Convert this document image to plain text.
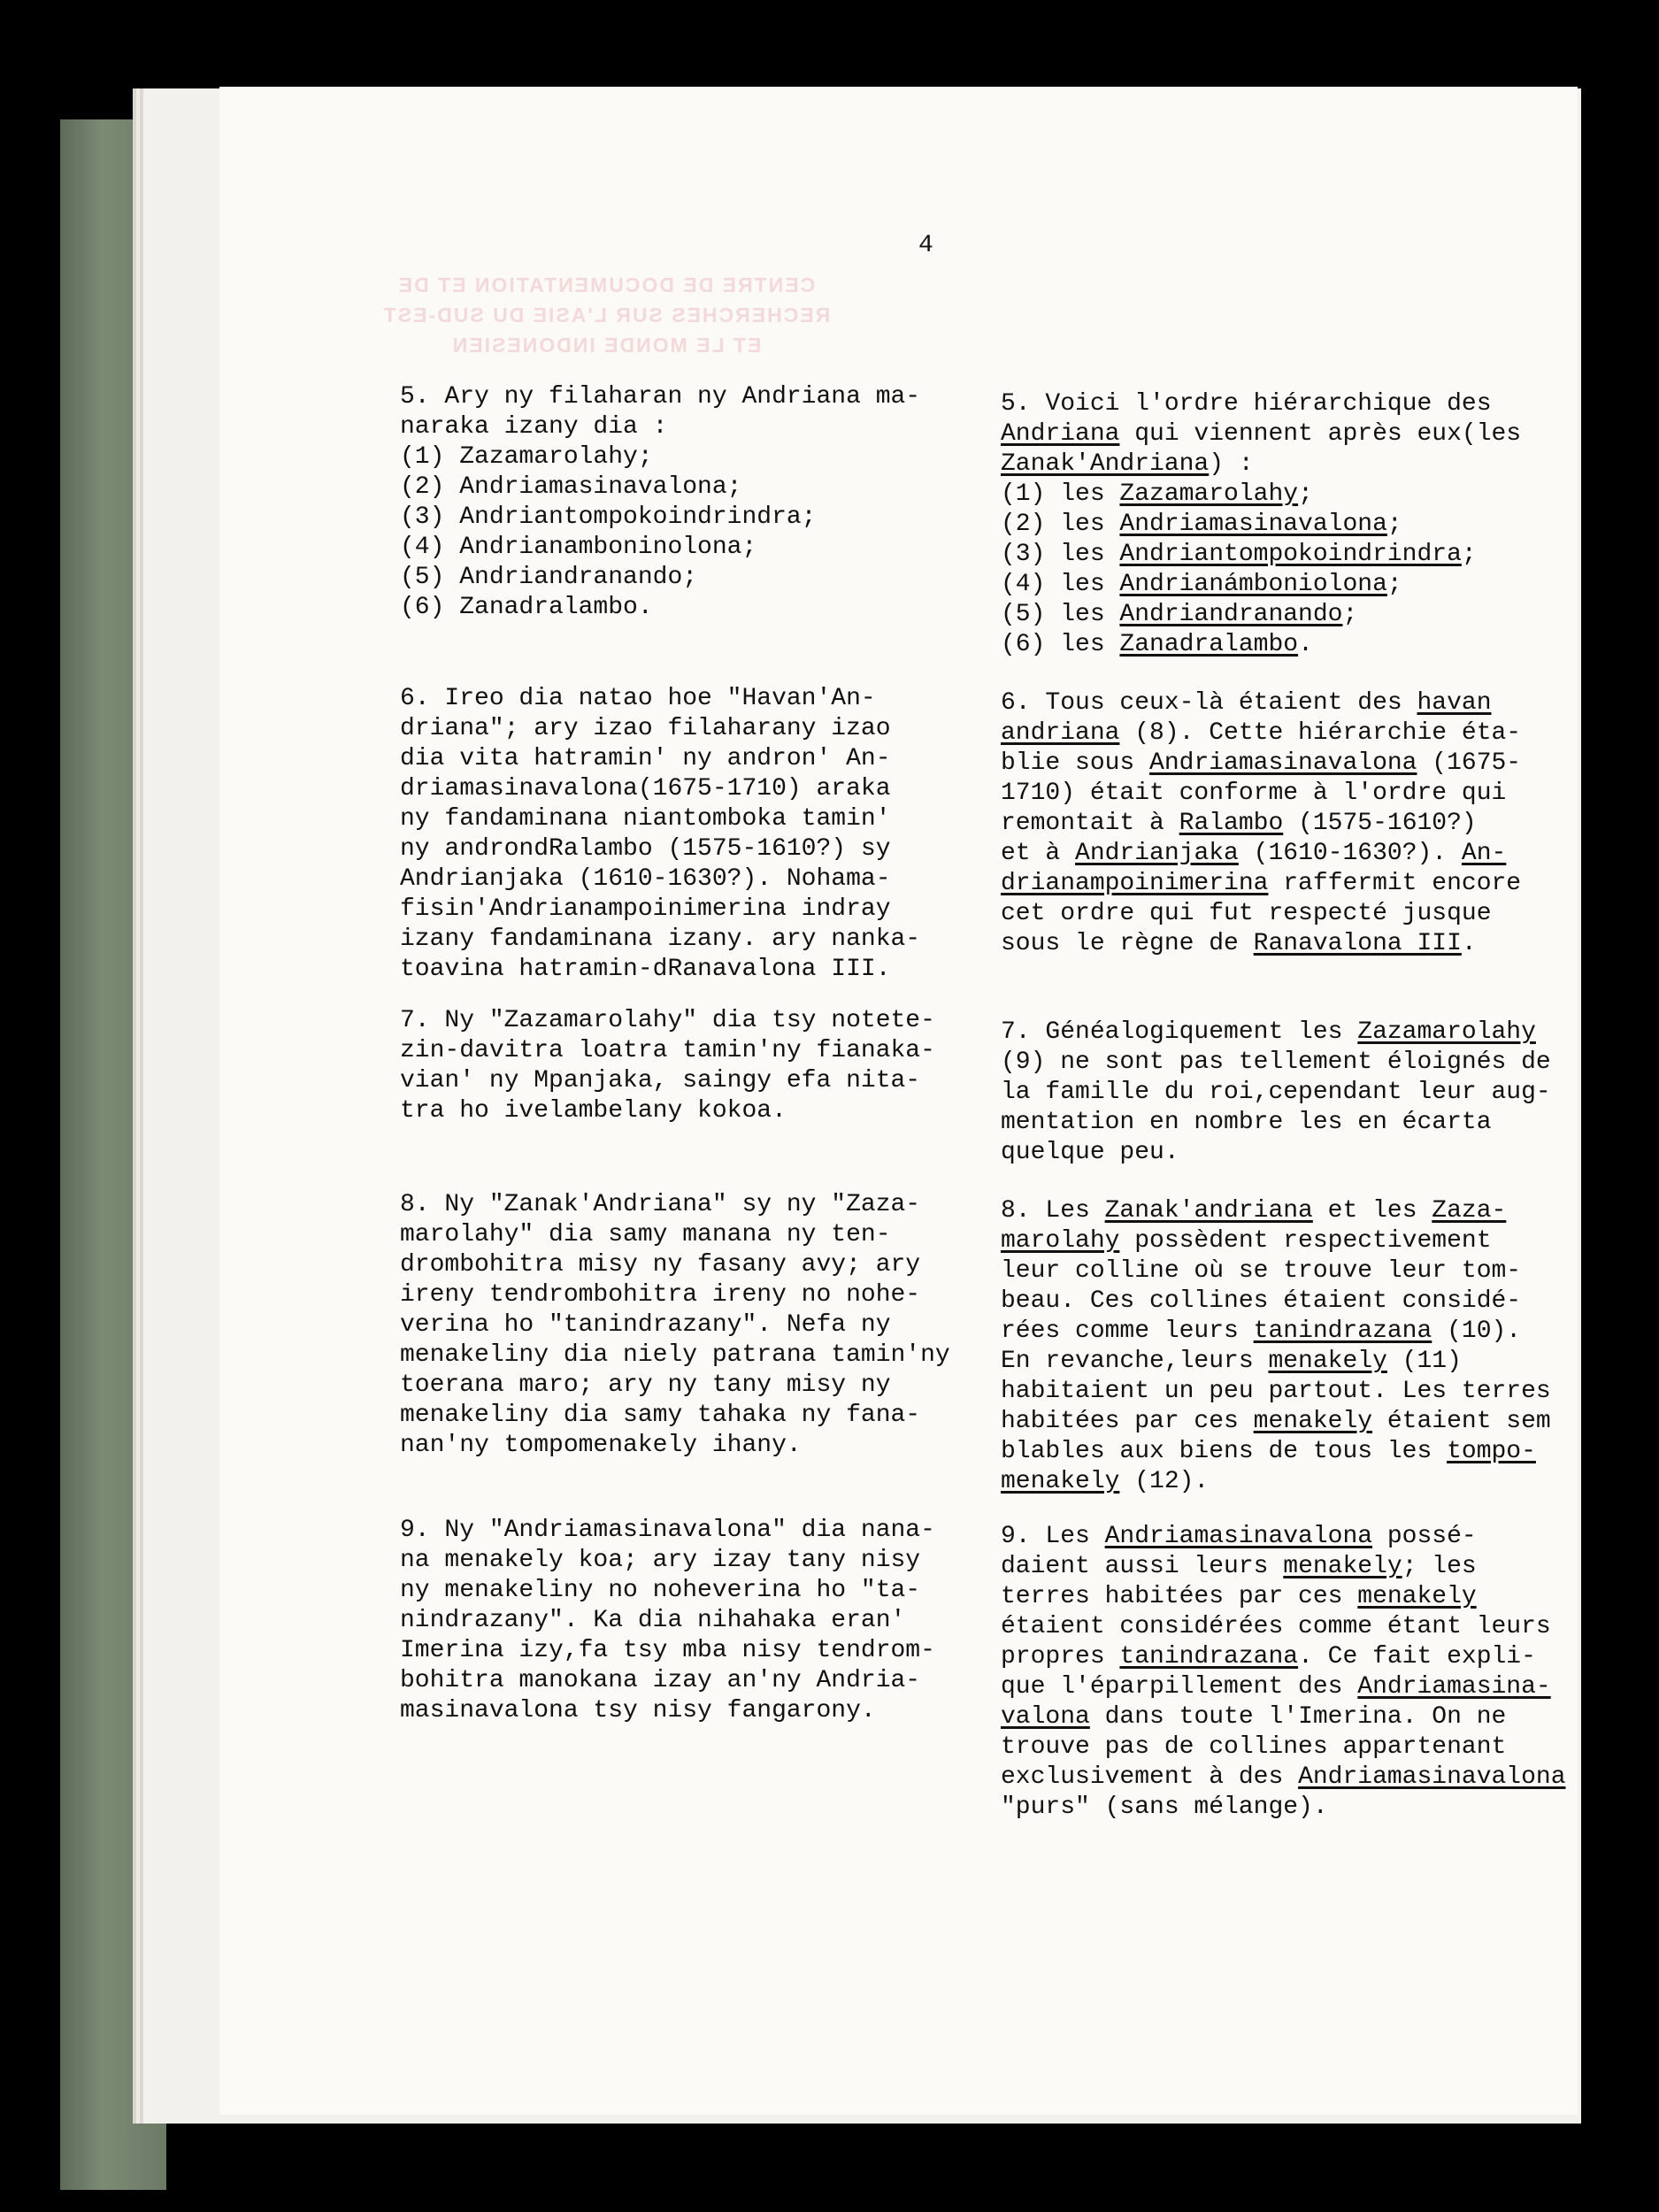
CENTRE DE DOCUMENTATION ET DE
RECHERCHES SUR L'ASIE DU SUD-EST
ET LE MONDE INDONESIEN
4

5. Ary ny filaharan ny Andriana ma-

naraka izany dia :

(1) Zazamarolahy;

(2) Andriamasinavalona;

(3) Andriantompokoindrindra;

(4) Andrianamboninolona;

(5) Andriandranando;

(6) Zanadralambo.

6. Ireo dia natao hoe "Havan'An-

driana"; ary izao filaharany izao

dia vita hatramin' ny andron' An-

driamasinavalona(1675-1710) araka

ny fandaminana niantomboka tamin'

ny androndRalambo (1575-1610?) sy

Andrianjaka (1610-1630?). Nohama-

fisin'Andrianampoinimerina indray

izany fandaminana izany. ary nanka-

toavina hatramin-dRanavalona III.

7. Ny "Zazamarolahy" dia tsy notete-

zin-davitra loatra tamin'ny fianaka-

vian' ny Mpanjaka, saingy efa nita-

tra ho ivelambelany kokoa.

8. Ny "Zanak'Andriana" sy ny "Zaza-

marolahy" dia samy manana ny ten-

drombohitra misy ny fasany avy; ary

ireny tendrombohitra ireny no nohe-

verina ho "tanindrazany". Nefa ny

menakeliny dia niely patrana tamin'ny

toerana maro; ary ny tany misy ny

menakeliny dia samy tahaka ny fana-

nan'ny tompomenakely ihany.

9. Ny "Andriamasinavalona" dia nana-

na menakely koa; ary izay tany nisy

ny menakeliny no noheverina ho "ta-

nindrazany". Ka dia nihahaka eran'

Imerina izy,fa tsy mba nisy tendrom-

bohitra manokana izay an'ny Andria-

masinavalona tsy nisy fangarony.

5. Voici l'ordre hiérarchique des

Andriana qui viennent après eux(les

Zanak'Andriana) :

(1) les Zazamarolahy;

(2) les Andriamasinavalona;

(3) les Andriantompokoindrindra;

(4) les Andrianámboniolona;

(5) les Andriandranando;

(6) les Zanadralambo.

6. Tous ceux-là étaient des havan

andriana (8). Cette hiérarchie éta-

blie sous Andriamasinavalona (1675-

1710) était conforme à l'ordre qui

remontait à Ralambo (1575-1610?)

et à Andrianjaka (1610-1630?). An-

drianampoinimerina raffermit encore

cet ordre qui fut respecté jusque

sous le règne de Ranavalona III.

7. Généalogiquement les Zazamarolahy

(9) ne sont pas tellement éloignés de

la famille du roi,cependant leur aug-

mentation en nombre les en écarta

quelque peu.

8. Les Zanak'andriana et les Zaza-

marolahy possèdent respectivement

leur colline où se trouve leur tom-

beau. Ces collines étaient considé-

rées comme leurs tanindrazana (10).

En revanche,leurs menakely (11)

habitaient un peu partout. Les terres

habitées par ces menakely étaient sem

blables aux biens de tous les tompo-

menakely (12).

9. Les Andriamasinavalona possé-

daient aussi leurs menakely; les

terres habitées par ces menakely

étaient considérées comme étant leurs

propres tanindrazana. Ce fait expli-

que l'éparpillement des Andriamasina-

valona dans toute l'Imerina. On ne

trouve pas de collines appartenant

exclusivement à des Andriamasinavalona

"purs" (sans mélange).
